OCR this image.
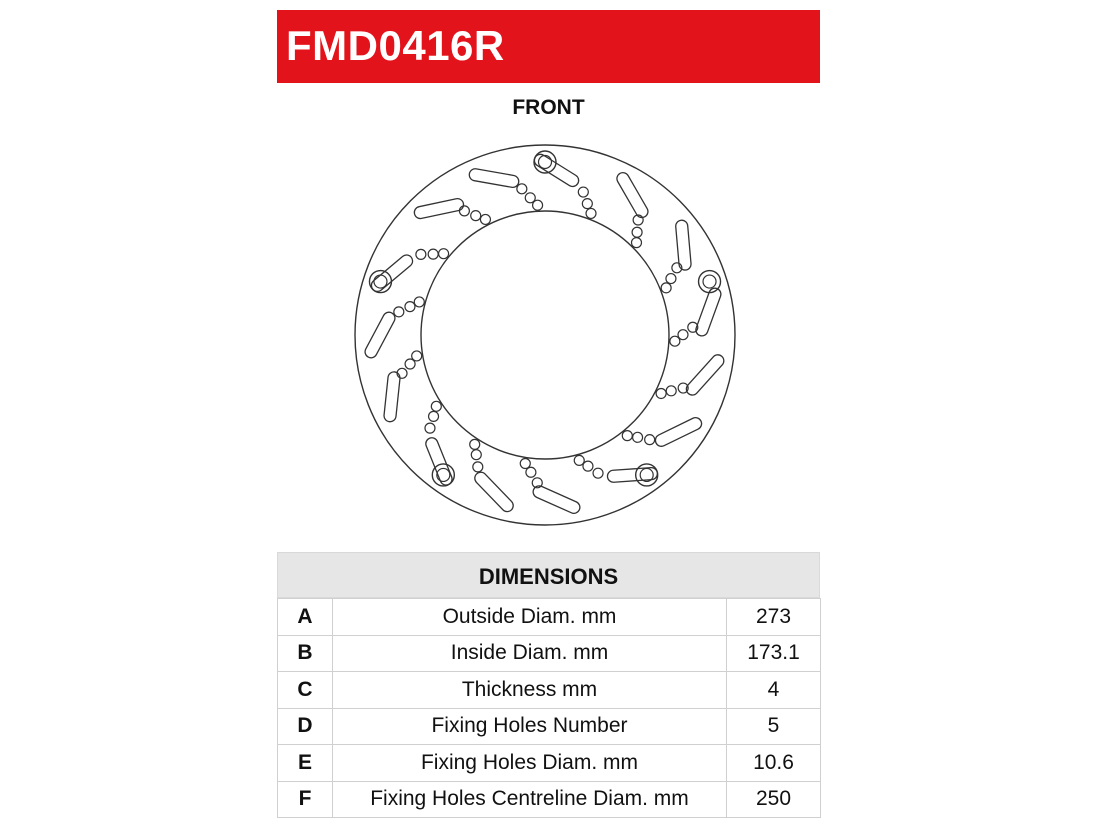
FMD0416R
FRONT
DIMENSIONS
A	Outside Diam. mm	273
B	Inside Diam. mm	173.1
C	Thickness mm	4
D	Fixing Holes Number	5
E	Fixing Holes Diam. mm	10.6
F	Fixing Holes Centreline Diam. mm	250
